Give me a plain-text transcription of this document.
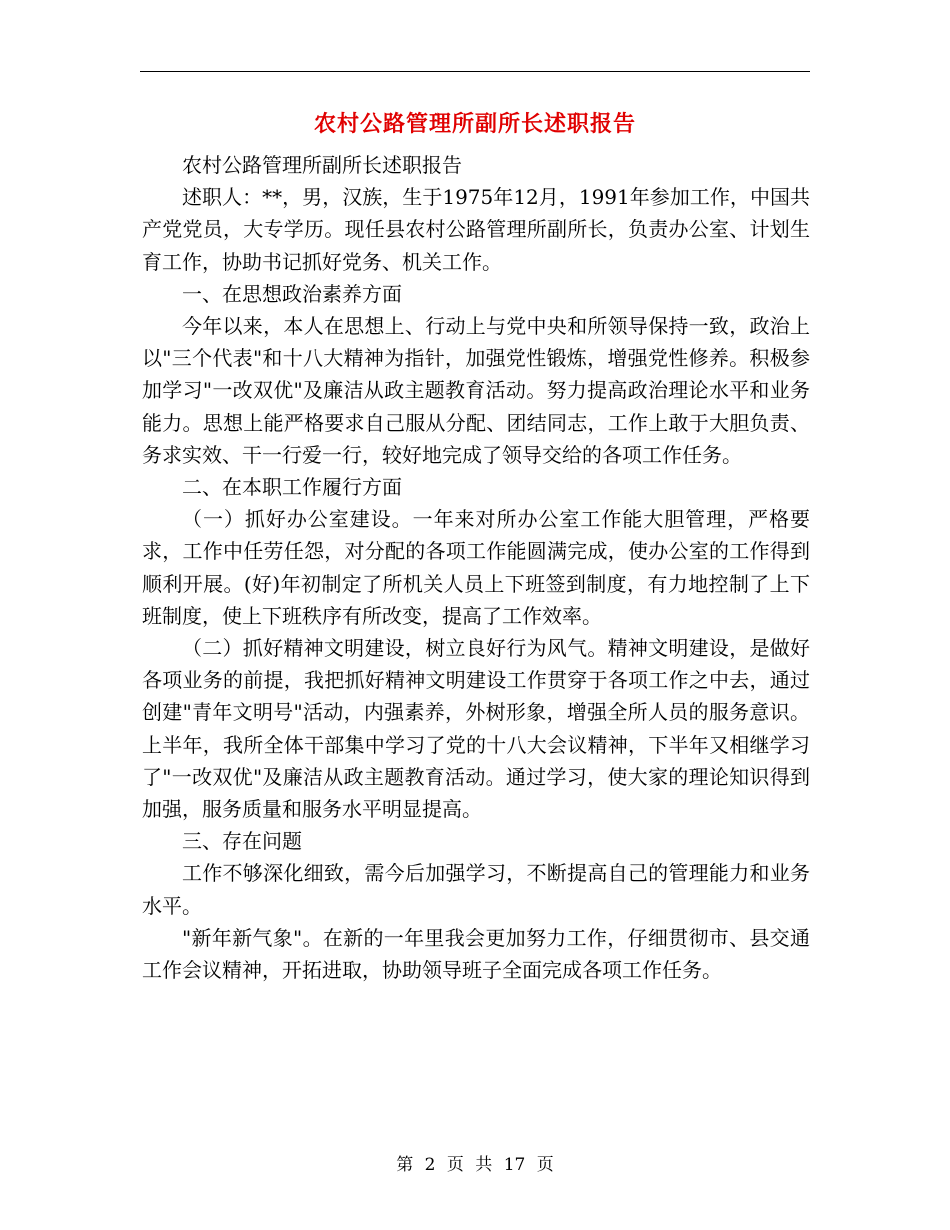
农村公路管理所副所长述职报告

农村公路管理所副所长述职报告

述职人：**，男，汉族，生于1975年12月，1991年参加工作，中国共产党党员，大专学历。现任县农村公路管理所副所长，负责办公室、计划生育工作，协助书记抓好党务、机关工作。

一、在思想政治素养方面

今年以来，本人在思想上、行动上与党中央和所领导保持一致，政治上以"三个代表"和十八大精神为指针，加强党性锻炼，增强党性修养。积极参加学习"一改双优"及廉洁从政主题教育活动。努力提高政治理论水平和业务能力。思想上能严格要求自己服从分配、团结同志，工作上敢于大胆负责、务求实效、干一行爱一行，较好地完成了领导交给的各项工作任务。

二、在本职工作履行方面

（一）抓好办公室建设。一年来对所办公室工作能大胆管理，严格要求，工作中任劳任怨，对分配的各项工作能圆满完成，使办公室的工作得到顺利开展。(好)年初制定了所机关人员上下班签到制度，有力地控制了上下班制度，使上下班秩序有所改变，提高了工作效率。

（二）抓好精神文明建设，树立良好行为风气。精神文明建设，是做好各项业务的前提，我把抓好精神文明建设工作贯穿于各项工作之中去，通过创建"青年文明号"活动，内强素养，外树形象，增强全所人员的服务意识。上半年，我所全体干部集中学习了党的十八大会议精神，下半年又相继学习了"一改双优"及廉洁从政主题教育活动。通过学习，使大家的理论知识得到加强，服务质量和服务水平明显提高。

三、存在问题

工作不够深化细致，需今后加强学习，不断提高自己的管理能力和业务水平。

"新年新气象"。在新的一年里我会更加努力工作，仔细贯彻市、县交通工作会议精神，开拓进取，协助领导班子全面完成各项工作任务。

第 2 页 共 17 页
